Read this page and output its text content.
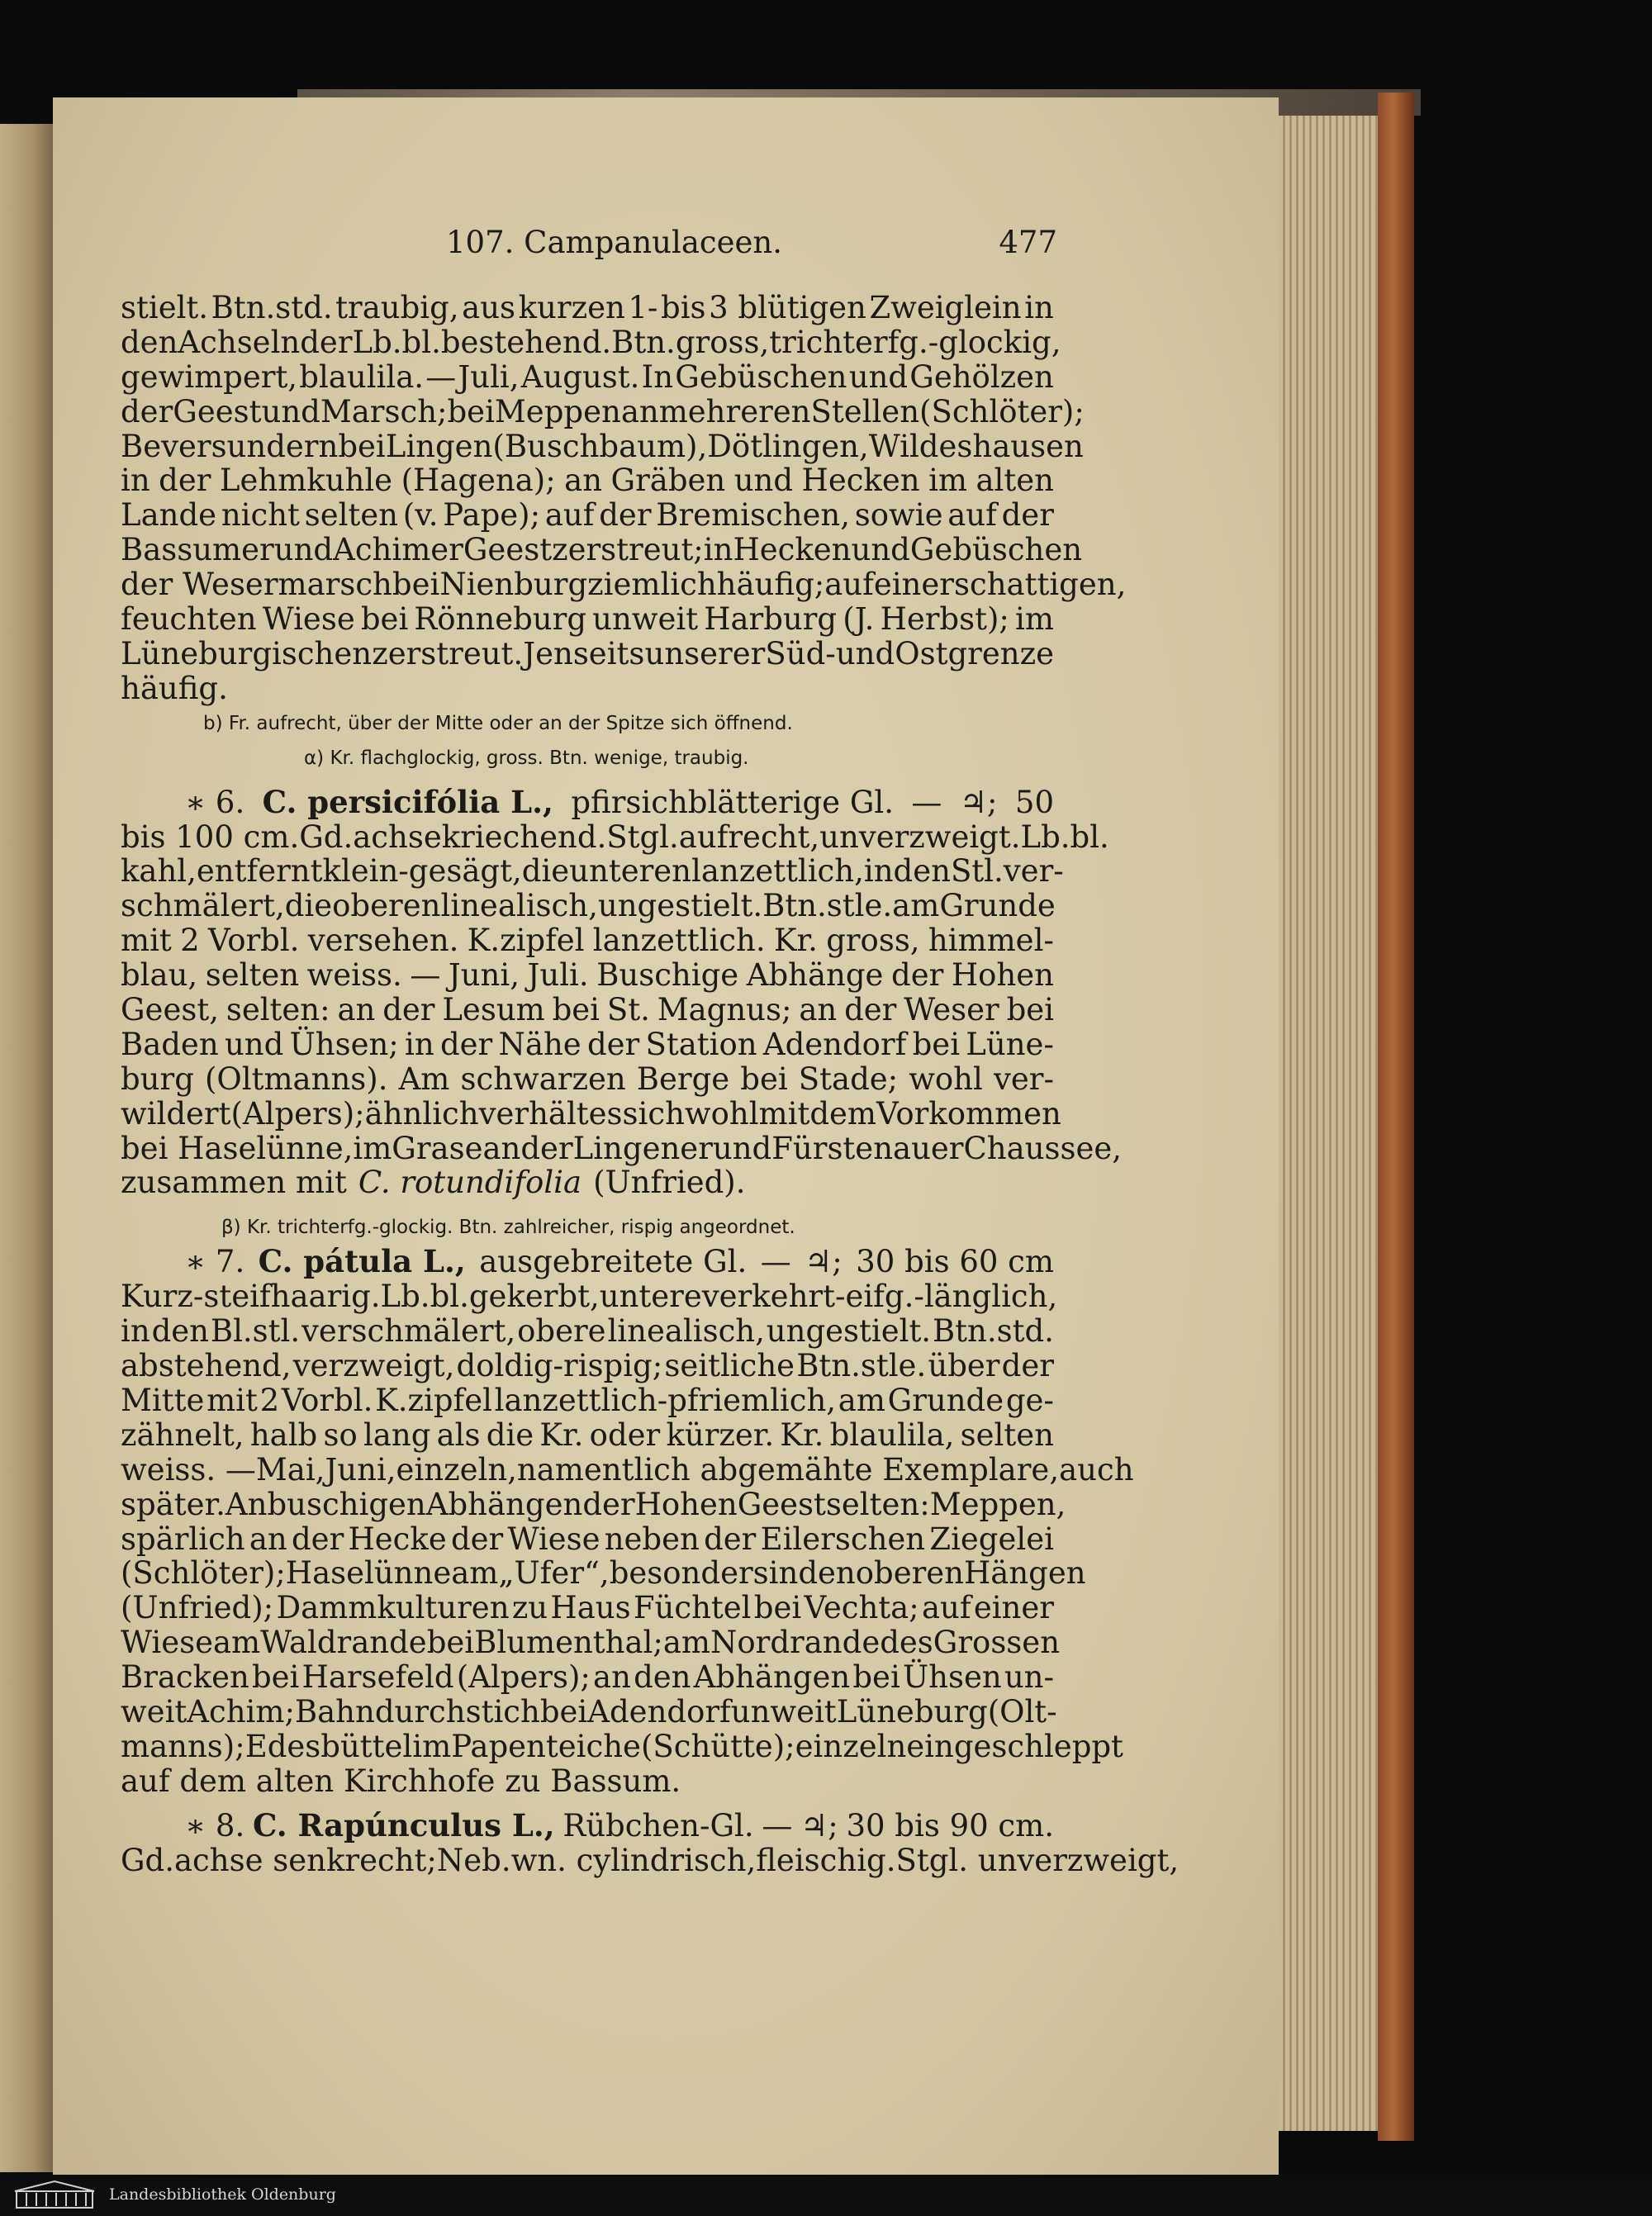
107. Campanulaceen.	477
stielt. Btn.std. traubig, aus kurzen 1- bis 3 blütigen Zweiglein in
den Achseln der Lb.bl. bestehend. Btn. gross, trichterfg.-glockig,
gewimpert, blaulila. — Juli, August. In Gebüschen und Gehölzen
der Geest und Marsch; bei Meppen an mehreren Stellen (Schlöter);
Beversundern bei Lingen (Buschbaum), Dötlingen, Wildeshausen
in der Lehmkuhle (Hagena); an Gräben und Hecken im alten
Lande nicht selten (v. Pape); auf der Bremischen, sowie auf der
Bassumer und Achimer Geest zerstreut; in Hecken und Gebüschen
der Wesermarsch bei Nienburg ziemlich häufig; auf einer schattigen,
feuchten Wiese bei Rönneburg unweit Harburg (J. Herbst); im
Lüneburgischen zerstreut. Jenseits unserer Süd- und Ostgrenze
häufig.
b) Fr. aufrecht, über der Mitte oder an der Spitze sich öffnend.
α) Kr. flachglockig, gross. Btn. wenige, traubig.
∗ 6. C. persicifólia L., pfirsichblätterige Gl. — ♃; 50
bis 100 cm. Gd.achse kriechend. Stgl. aufrecht, unverzweigt. Lb.bl.
kahl, entfernt klein-gesägt, die unteren lanzettlich, in den Stl. ver-
schmälert, die oberen linealisch, ungestielt. Btn.stle. am Grunde
mit 2 Vorbl. versehen. K.zipfel lanzettlich. Kr. gross, himmel-
blau, selten weiss. — Juni, Juli. Buschige Abhänge der Hohen
Geest, selten: an der Lesum bei St. Magnus; an der Weser bei
Baden und Ühsen; in der Nähe der Station Adendorf bei Lüne-
burg (Oltmanns). Am schwarzen Berge bei Stade; wohl ver-
wildert (Alpers); ähnlich verhält es sich wohl mit dem Vorkommen
bei Haselünne, im Grase an der Lingener und Fürstenauer Chaussee,
zusammen mit C. rotundifolia (Unfried).
β) Kr. trichterfg.-glockig. Btn. zahlreicher, rispig angeordnet.
∗ 7. C. pátula L., ausgebreitete Gl. — ♃; 30 bis 60 cm
Kurz-steifhaarig. Lb.bl. gekerbt, untere verkehrt-eifg.-länglich,
in den Bl.stl. verschmälert, obere linealisch, ungestielt. Btn.std.
abstehend, verzweigt, doldig-rispig; seitliche Btn.stle. über der
Mitte mit 2 Vorbl. K.zipfel lanzettlich-pfriemlich, am Grunde ge-
zähnelt, halb so lang als die Kr. oder kürzer. Kr. blaulila, selten
weiss. — Mai, Juni, einzeln, namentlich abgemähte Exemplare, auch
später. An buschigen Abhängen der Hohen Geest selten: Meppen,
spärlich an der Hecke der Wiese neben der Eilerschen Ziegelei
(Schlöter); Haselünne am „Ufer“, besonders in den oberen Hängen
(Unfried); Dammkulturen zu Haus Füchtel bei Vechta; auf einer
Wiese am Waldrande bei Blumenthal; am Nordrande des Grossen
Bracken bei Harsefeld (Alpers); an den Abhängen bei Ühsen un-
weit Achim; Bahndurchstich bei Adendorf unweit Lüneburg (Olt-
manns); Edesbüttel im Papenteiche (Schütte); einzeln eingeschleppt
auf dem alten Kirchhofe zu Bassum.
∗ 8. C. Rapúnculus L., Rübchen-Gl. — ♃; 30 bis 90 cm.
Gd.achse senkrecht; Neb.wn. cylindrisch, fleischig. Stgl. unverzweigt,
Landesbibliothek Oldenburg
